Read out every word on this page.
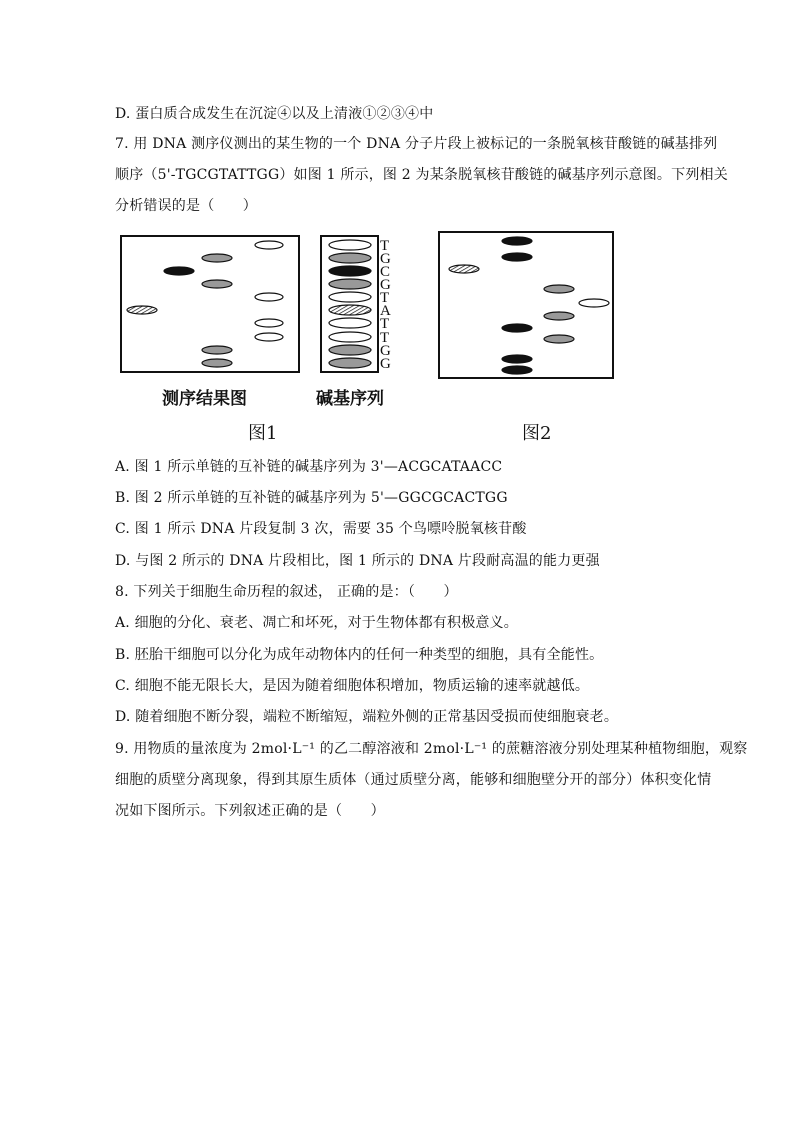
D. 蛋白质合成发生在沉淀④以及上清液①②③④中
7. 用 DNA 测序仪测出的某生物的一个 DNA 分子片段上被标记的一条脱氧核苷酸链的碱基排列
顺序（5'-TGCGTATTGG）如图 1 所示，图 2 为某条脱氧核苷酸链的碱基序列示意图。下列相关
分析错误的是（　　）
T
G
C
G
T
A
T
T
G
G
测序结果图	碱基序列
图1	图2
A. 图 1 所示单链的互补链的碱基序列为 3'—ACGCATAACC
B. 图 2 所示单链的互补链的碱基序列为 5'—GGCGCACTGG
C. 图 1 所示 DNA 片段复制 3 次，需要 35 个鸟嘌呤脱氧核苷酸
D. 与图 2 所示的 DNA 片段相比，图 1 所示的 DNA 片段耐高温的能力更强
8. 下列关于细胞生命历程的叙述， 正确的是：（　　）
A. 细胞的分化、衰老、凋亡和坏死，对于生物体都有积极意义。
B. 胚胎干细胞可以分化为成年动物体内的任何一种类型的细胞，具有全能性。
C. 细胞不能无限长大，是因为随着细胞体积增加，物质运输的速率就越低。
D. 随着细胞不断分裂，端粒不断缩短，端粒外侧的正常基因受损而使细胞衰老。
9. 用物质的量浓度为 2mol·L⁻¹ 的乙二醇溶液和 2mol·L⁻¹ 的蔗糖溶液分别处理某种植物细胞，观察
细胞的质壁分离现象，得到其原生质体（通过质壁分离，能够和细胞壁分开的部分）体积变化情
况如下图所示。下列叙述正确的是（　　）
